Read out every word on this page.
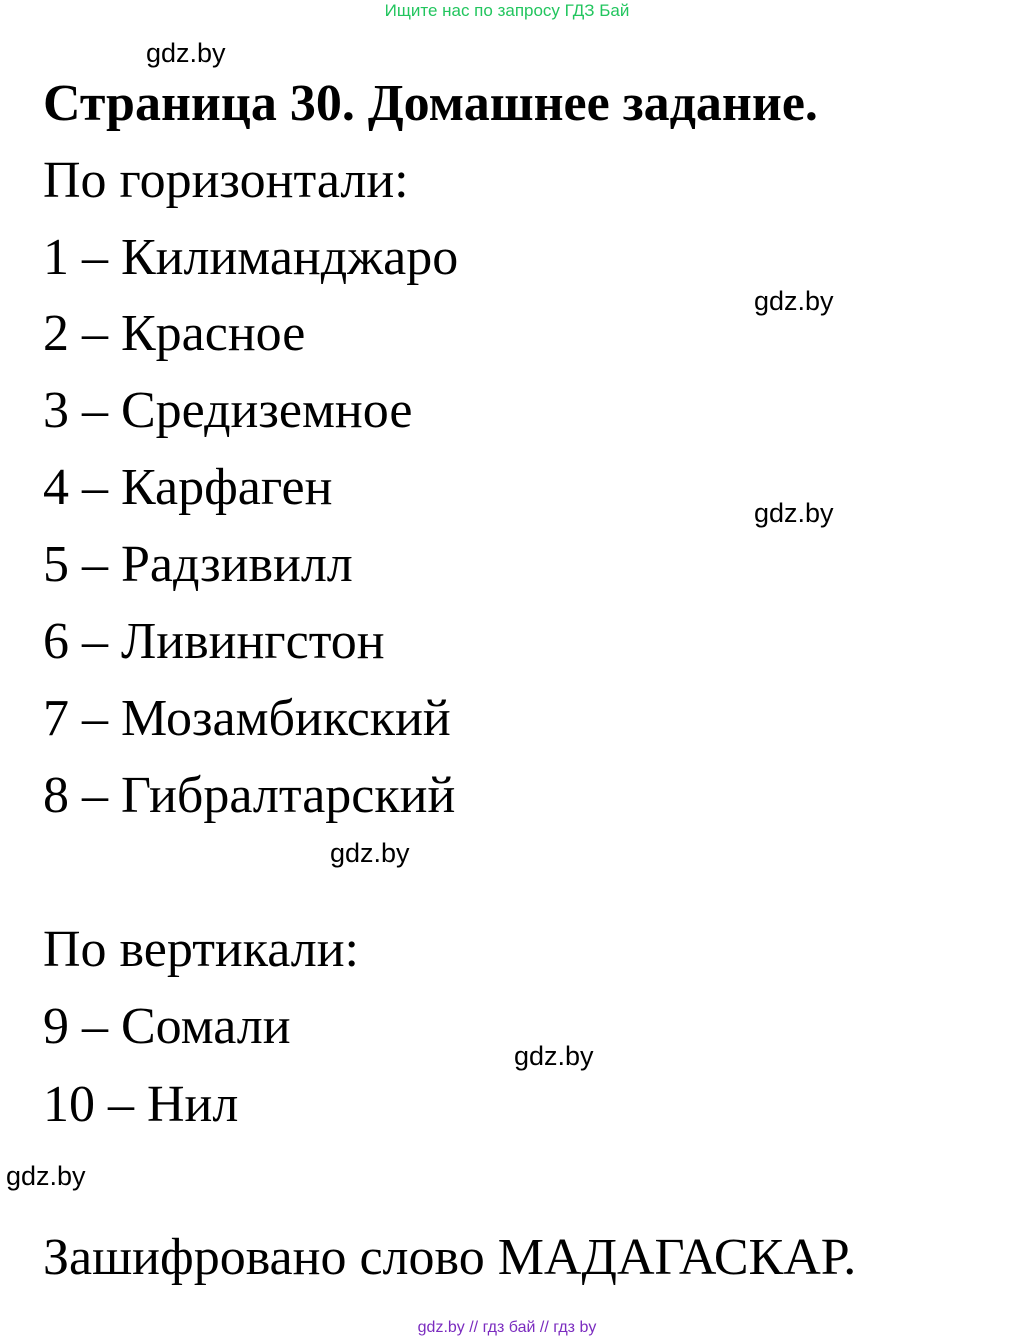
Ищите нас по запросу ГДЗ Бай
gdz.by
Страница 30. Домашнее задание.
По горизонтали:
1 – Килиманджаро
gdz.by
2 – Красное
3 – Средиземное
4 – Карфаген	gdz.by
5 – Радзивилл
6 – Ливингстон
7 – Мозамбикский
8 – Гибралтарский
gdz.by
По вертикали:
9 – Сомали
gdz.by
10 – Нил
gdz.by
Зашифровано слово МАДАГАСКАР.
gdz.by // гдз бай // гдз by
